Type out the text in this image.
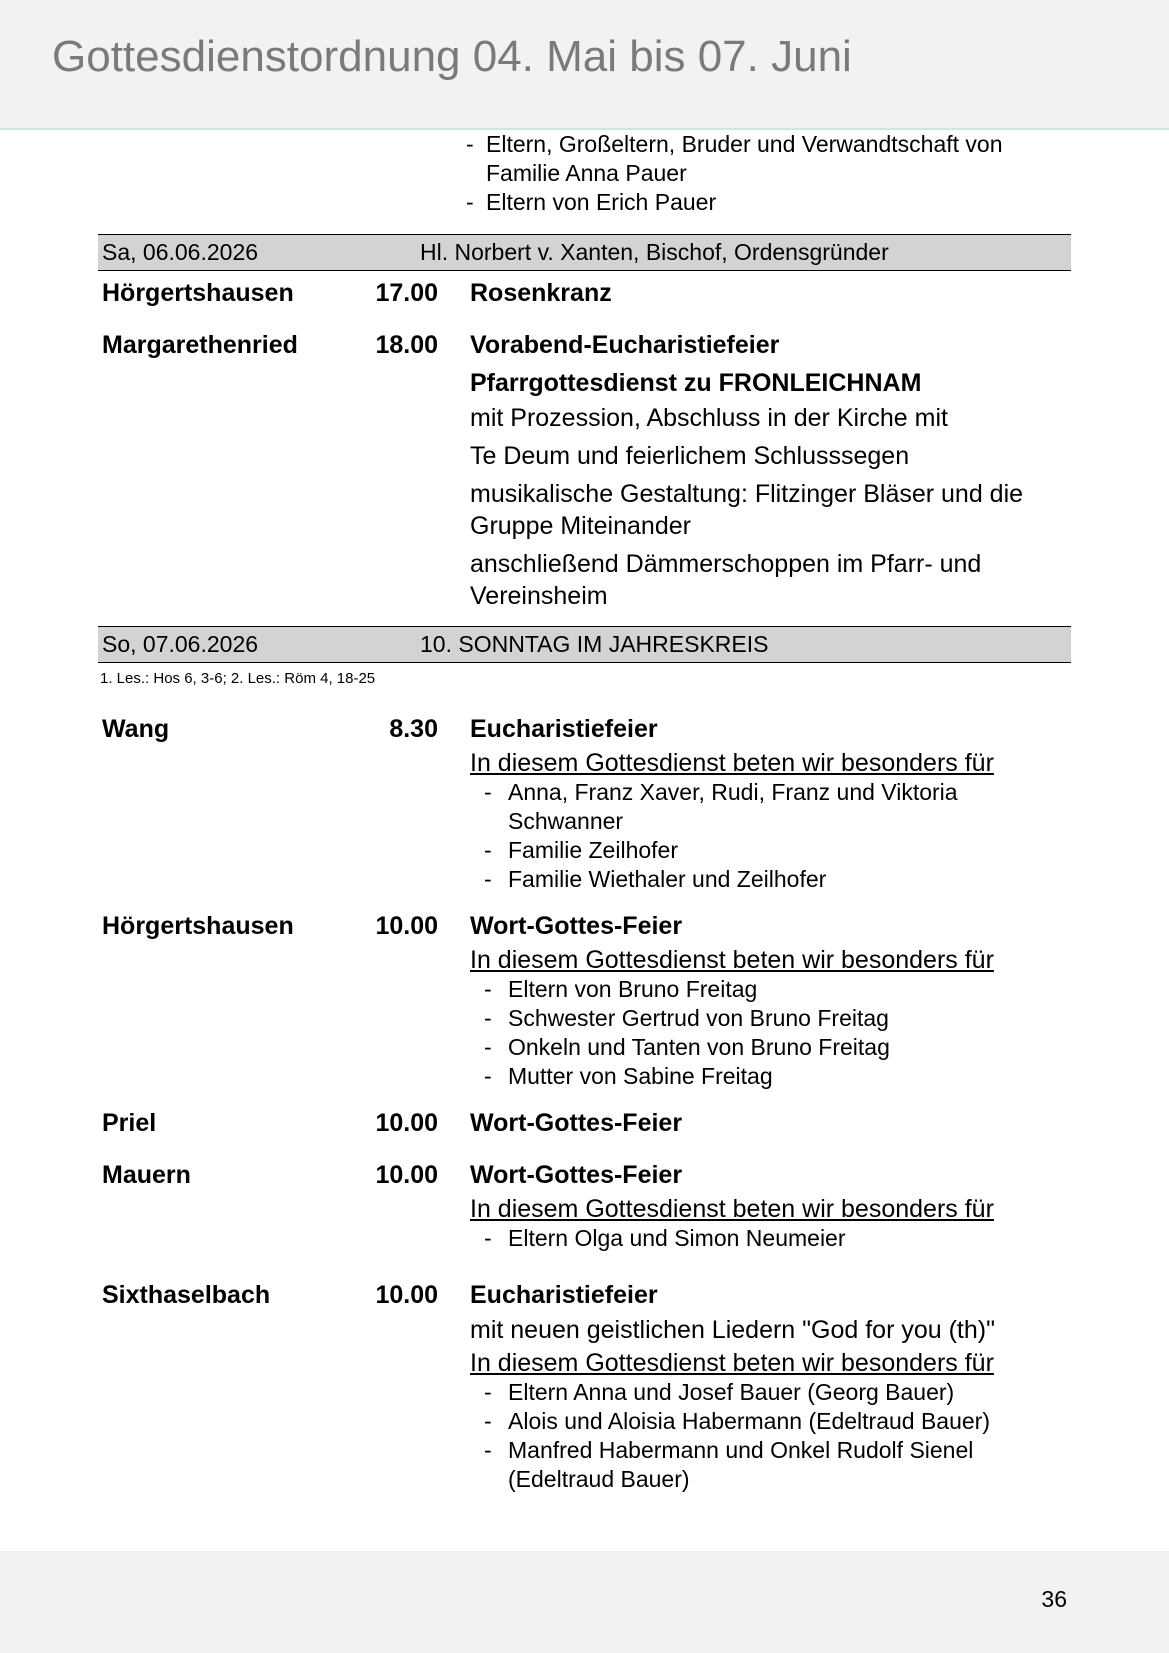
Gottesdienstordnung 04. Mai bis 07. Juni
- Eltern, Großeltern, Bruder und Verwandtschaft von Familie Anna Pauer
- Eltern von Erich Pauer
Sa, 06.06.2026	Hl. Norbert v. Xanten, Bischof, Ordensgründer
Hörgertshausen	17.00 Rosenkranz
Margarethenried	18.00 Vorabend-Eucharistiefeier
Pfarrgottesdienst zu FRONLEICHNAM
mit Prozession, Abschluss in der Kirche mit
Te Deum und feierlichem Schlusssegen
musikalische Gestaltung: Flitzinger Bläser und die Gruppe Miteinander
anschließend Dämmerschoppen im Pfarr- und Vereinsheim
So, 07.06.2026	10. SONNTAG IM JAHRESKREIS
1. Les.: Hos 6, 3-6; 2. Les.: Röm 4, 18-25
Wang	8.30 Eucharistiefeier
In diesem Gottesdienst beten wir besonders für
- Anna, Franz Xaver, Rudi, Franz und Viktoria Schwanner
- Familie Zeilhofer
- Familie Wiethaler und Zeilhofer
Hörgertshausen	10.00 Wort-Gottes-Feier
In diesem Gottesdienst beten wir besonders für
- Eltern von Bruno Freitag
- Schwester Gertrud von Bruno Freitag
- Onkeln und Tanten von Bruno Freitag
- Mutter von Sabine Freitag
Priel	10.00 Wort-Gottes-Feier
Mauern	10.00 Wort-Gottes-Feier
In diesem Gottesdienst beten wir besonders für
- Eltern Olga und Simon Neumeier
Sixthaselbach	10.00 Eucharistiefeier
mit neuen geistlichen Liedern "God for you (th)"
In diesem Gottesdienst beten wir besonders für
- Eltern Anna und Josef Bauer (Georg Bauer)
- Alois und Aloisia Habermann (Edeltraud Bauer)
- Manfred Habermann und Onkel Rudolf Sienel (Edeltraud Bauer)
36
